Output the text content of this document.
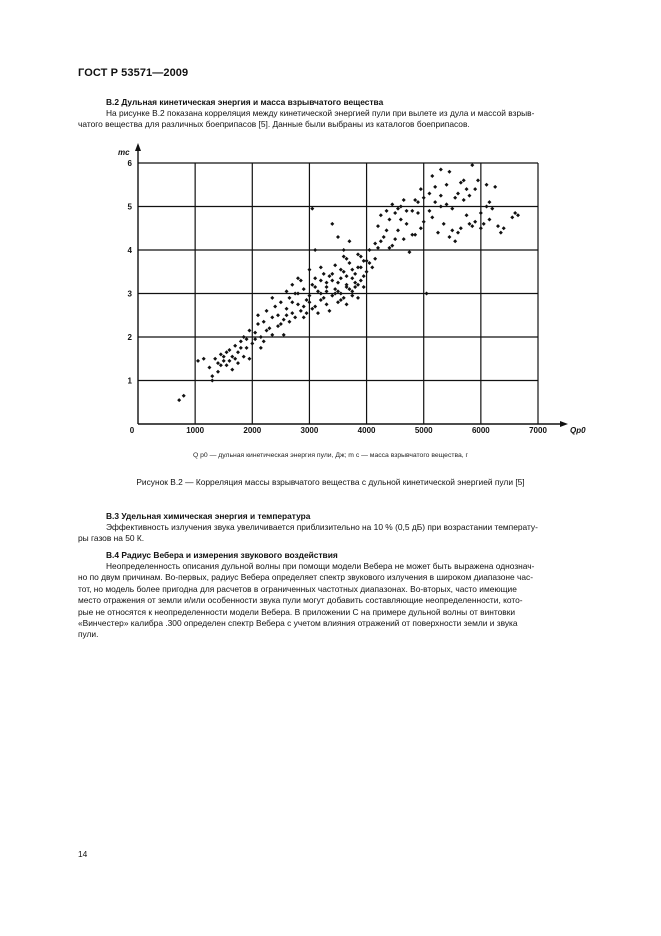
ГОСТ Р 53571—2009
В.2 Дульная кинетическая энергия и масса взрывчатого вещества

На рисунке В.2 показана корреляция между кинетической энергией пули при вылете из дула и массой взрыв-
чатого вещества для различных боеприпасов [5]. Данные были выбраны из каталогов боеприпасов.

0	1000	2000	3000	4000	5000	6000	7000
1
2
3
4
5
6
Qp0
mc
Q р0 — дульная кинетическая энергия пули, Дж; m c — масса взрывчатого вещества, г
Рисунок В.2 — Корреляция массы взрывчатого вещества с дульной кинетической энергией пули [5]
В.3 Удельная химическая энергия и температура

Эффективность излучения звука увеличивается приблизительно на 10 % (0,5 дБ) при возрастании температу-
ры газов на 50 К.

В.4 Радиус Вебера и измерения звукового воздействия

Неопределенность описания дульной волны при помощи модели Вебера не может быть выражена однознач-
но по двум причинам. Во-первых, радиус Вебера определяет спектр звукового излучения в широком диапазоне час-
тот, но модель более пригодна для расчетов в ограниченных частотных диапазонах. Во-вторых, часто имеющие
место отражения от земли и/или особенности звука пули могут добавить составляющие неопределенности, кото-
рые не относятся к неопределенности модели Вебера. В приложении С на примере дульной волны от винтовки
«Винчестер» калибра .300 определен спектр Вебера с учетом влияния отражений от поверхности земли и звука
пули.

14
